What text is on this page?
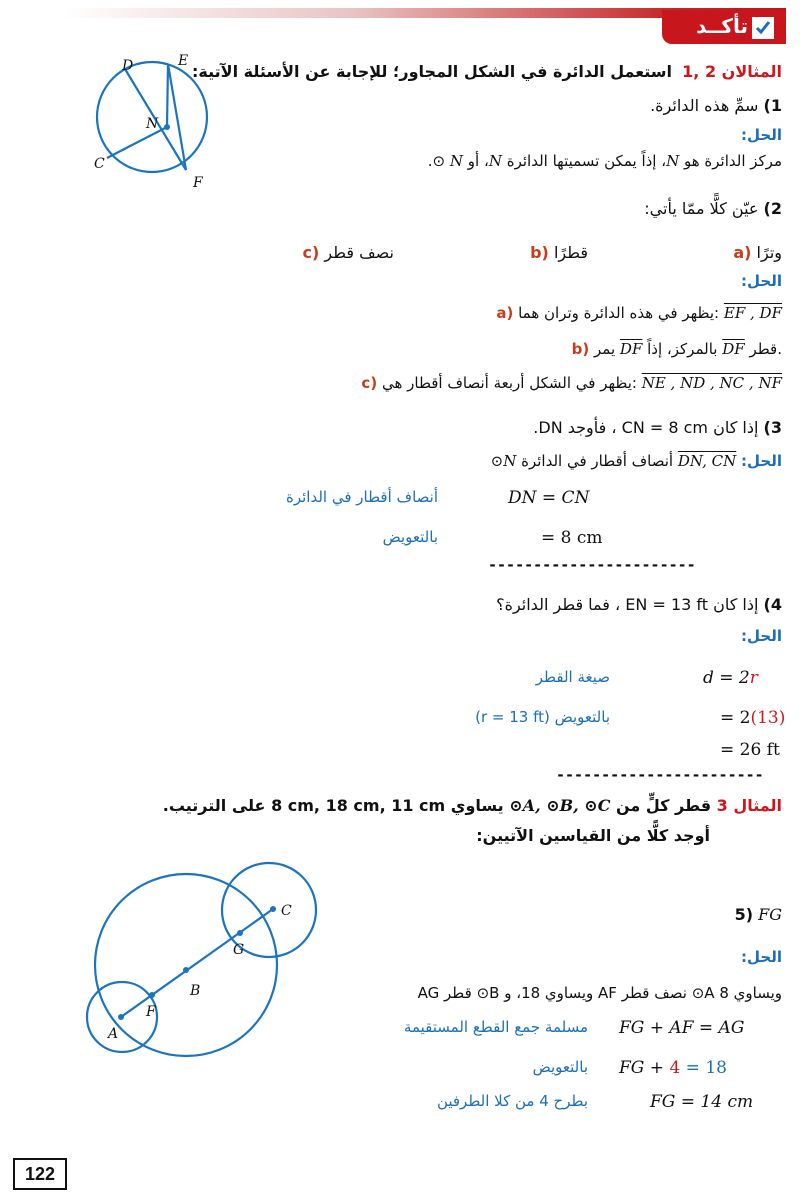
تأكــد
D	E
N
C
F
المثالان 2 ,1
استعمل الدائرة في الشكل المجاور؛ للإجابة عن الأسئلة الآتية:
1) سمِّ هذه الدائرة.
الحل:
مركز الدائرة هو N، إذاً يمكن تسميتها الدائرة N، أو N ⊙.
2) عيّن كلًّا ممّا يأتي:
a) وترًا
b) قطرًا
c) نصف قطر
الحل:
a) يظهر في هذه الدائرة وتران هما: EF , DF
b) يمر DF بالمركز، إذاً DF قطر.
c) يظهر في الشكل أربعة أنصاف أقطار هي: NE , ND , NC , NF
3) إذا كان CN = 8 cm ، فأوجد DN.
الحل: DN, CN أنصاف أقطار في الدائرة ⊙N
DN = CN
أنصاف أقطار في الدائرة
= 8 cm
بالتعويض
-----------------------
4) إذا كان EN = 13 ft ، فما قطر الدائرة؟
الحل:
d = 2r
صيغة القطر
= 2(13)
بالتعويض (r = 13 ft)
= 26 ft
-----------------------
المثال 3 قطر كلٍّ من ⊙A, ⊙B, ⊙C يساوي 8 cm, 18 cm, 11 cm على الترتيب.
أوجد كلًّا من القياسين الآتيين:
A
F
B
G
C	5) FG
الحل:
AG قطر ⊙B ويساوي 18، و AF نصف قطر ⊙A ويساوي 8
FG + AF = AG
مسلمة جمع القطع المستقيمة
FG + 4 = 18
بالتعويض
FG = 14 cm
بطرح 4 من كلا الطرفين
122
